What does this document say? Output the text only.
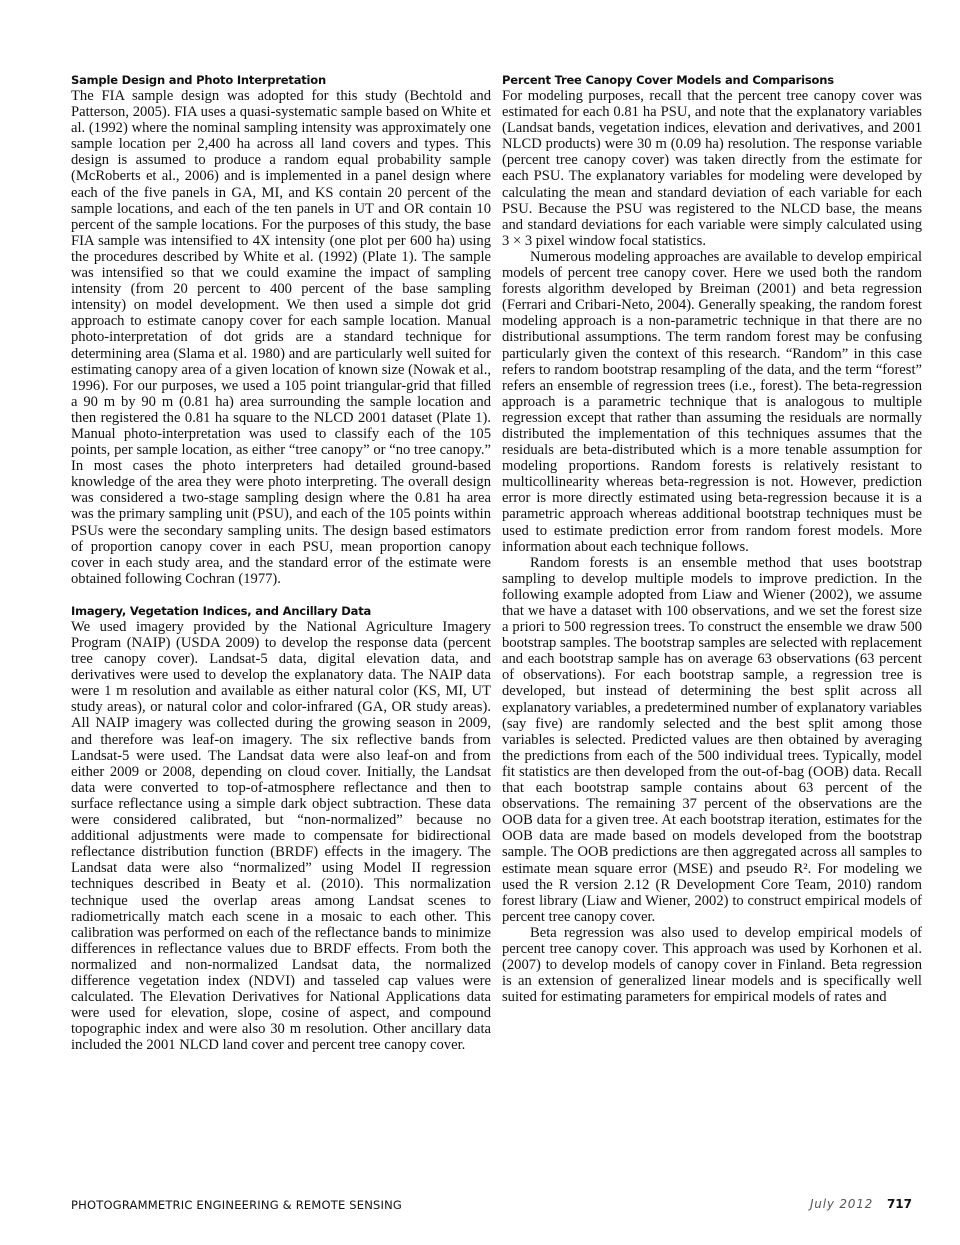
Sample Design and Photo Interpretation

The FIA sample design was adopted for this study (Bechtold and Patterson, 2005). FIA uses a quasi-systematic sample based on White et al. (1992) where the nominal sampling intensity was approximately one sample location per 2,400 ha across all land covers and types. This design is assumed to produce a random equal probability sample (McRoberts et al., 2006) and is implemented in a panel design where each of the five panels in GA, MI, and KS contain 20 percent of the sample locations, and each of the ten panels in UT and OR contain 10 percent of the sample locations. For the purposes of this study, the base FIA sample was intensified to 4X intensity (one plot per 600 ha) using the procedures described by White et al. (1992) (Plate 1). The sample was intensified so that we could examine the impact of sampling intensity (from 20 percent to 400 percent of the base sampling intensity) on model development. We then used a simple dot grid approach to estimate canopy cover for each sample location. Manual photo-interpretation of dot grids are a standard technique for determining area (Slama et al. 1980) and are particularly well suited for estimating canopy area of a given location of known size (Nowak et al., 1996). For our purposes, we used a 105 point triangular-grid that filled a 90 m by 90 m (0.81 ha) area surrounding the sample location and then registered the 0.81 ha square to the NLCD 2001 dataset (Plate 1). Manual photo-interpretation was used to classify each of the 105 points, per sample location, as either “tree canopy” or “no tree canopy.” In most cases the photo interpreters had detailed ground-based knowledge of the area they were photo interpreting. The overall design was considered a two-stage sampling design where the 0.81 ha area was the primary sampling unit (PSU), and each of the 105 points within PSUs were the secondary sampling units. The design based estimators of proportion canopy cover in each PSU, mean proportion canopy cover in each study area, and the standard error of the estimate were obtained following Cochran (1977).

Imagery, Vegetation Indices, and Ancillary Data

We used imagery provided by the National Agriculture Imagery Program (NAIP) (USDA 2009) to develop the response data (percent tree canopy cover). Landsat-5 data, digital elevation data, and derivatives were used to develop the explanatory data. The NAIP data were 1 m resolution and available as either natural color (KS, MI, UT study areas), or natural color and color-infrared (GA, OR study areas). All NAIP imagery was collected during the growing season in 2009, and therefore was leaf-on imagery. The six reflective bands from Landsat-5 were used. The Landsat data were also leaf-on and from either 2009 or 2008, depending on cloud cover. Initially, the Landsat data were converted to top-of-atmosphere reflectance and then to surface reflectance using a simple dark object subtraction. These data were considered calibrated, but “non-normalized” because no additional adjustments were made to compensate for bidirectional reflectance distribution function (BRDF) effects in the imagery. The Landsat data were also “normalized” using Model II regression techniques described in Beaty et al. (2010). This normalization technique used the overlap areas among Landsat scenes to radiometrically match each scene in a mosaic to each other. This calibration was performed on each of the reflectance bands to minimize differences in reflectance values due to BRDF effects. From both the normalized and non-normalized Landsat data, the normalized difference vegetation index (NDVI) and tasseled cap values were calculated. The Elevation Derivatives for National Applications data were used for elevation, slope, cosine of aspect, and compound topographic index and were also 30 m resolution. Other ancillary data included the 2001 NLCD land cover and percent tree canopy cover.

Percent Tree Canopy Cover Models and Comparisons

For modeling purposes, recall that the percent tree canopy cover was estimated for each 0.81 ha PSU, and note that the explanatory variables (Landsat bands, vegetation indices, elevation and derivatives, and 2001 NLCD products) were 30 m (0.09 ha) resolution. The response variable (percent tree canopy cover) was taken directly from the estimate for each PSU. The explanatory variables for modeling were developed by calculating the mean and standard deviation of each variable for each PSU. Because the PSU was registered to the NLCD base, the means and standard deviations for each variable were simply calculated using 3 × 3 pixel window focal statistics.

Numerous modeling approaches are available to develop empirical models of percent tree canopy cover. Here we used both the random forests algorithm developed by Breiman (2001) and beta regression (Ferrari and Cribari-Neto, 2004). Generally speaking, the random forest modeling approach is a non-parametric technique in that there are no distributional assumptions. The term random forest may be confusing particularly given the context of this research. “Random” in this case refers to random bootstrap resampling of the data, and the term “forest” refers an ensemble of regression trees (i.e., forest). The beta-regression approach is a parametric technique that is analogous to multiple regression except that rather than assuming the residuals are normally distributed the implementation of this techniques assumes that the residuals are beta-distributed which is a more tenable assumption for modeling proportions. Random forests is relatively resistant to multicollinearity whereas beta-regression is not. However, prediction error is more directly estimated using beta-regression because it is a parametric approach whereas additional bootstrap techniques must be used to estimate prediction error from random forest models. More information about each technique follows.

Random forests is an ensemble method that uses bootstrap sampling to develop multiple models to improve prediction. In the following example adopted from Liaw and Wiener (2002), we assume that we have a dataset with 100 observations, and we set the forest size a priori to 500 regression trees. To construct the ensemble we draw 500 bootstrap samples. The bootstrap samples are selected with replacement and each bootstrap sample has on average 63 observations (63 percent of observations). For each bootstrap sample, a regression tree is developed, but instead of determining the best split across all explanatory variables, a predetermined number of explanatory variables (say five) are randomly selected and the best split among those variables is selected. Predicted values are then obtained by averaging the predictions from each of the 500 individual trees. Typically, model fit statistics are then developed from the out-of-bag (OOB) data. Recall that each bootstrap sample contains about 63 percent of the observations. The remaining 37 percent of the observations are the OOB data for a given tree. At each bootstrap iteration, estimates for the OOB data are made based on models developed from the bootstrap sample. The OOB predictions are then aggregated across all samples to estimate mean square error (MSE) and pseudo R². For modeling we used the R version 2.12 (R Development Core Team, 2010) random forest library (Liaw and Wiener, 2002) to construct empirical models of percent tree canopy cover.

Beta regression was also used to develop empirical models of percent tree canopy cover. This approach was used by Korhonen et al. (2007) to develop models of canopy cover in Finland. Beta regression is an extension of generalized linear models and is specifically well suited for estimating parameters for empirical models of rates and

PHOTOGRAMMETRIC ENGINEERING & REMOTE SENSING	July 2012 717
